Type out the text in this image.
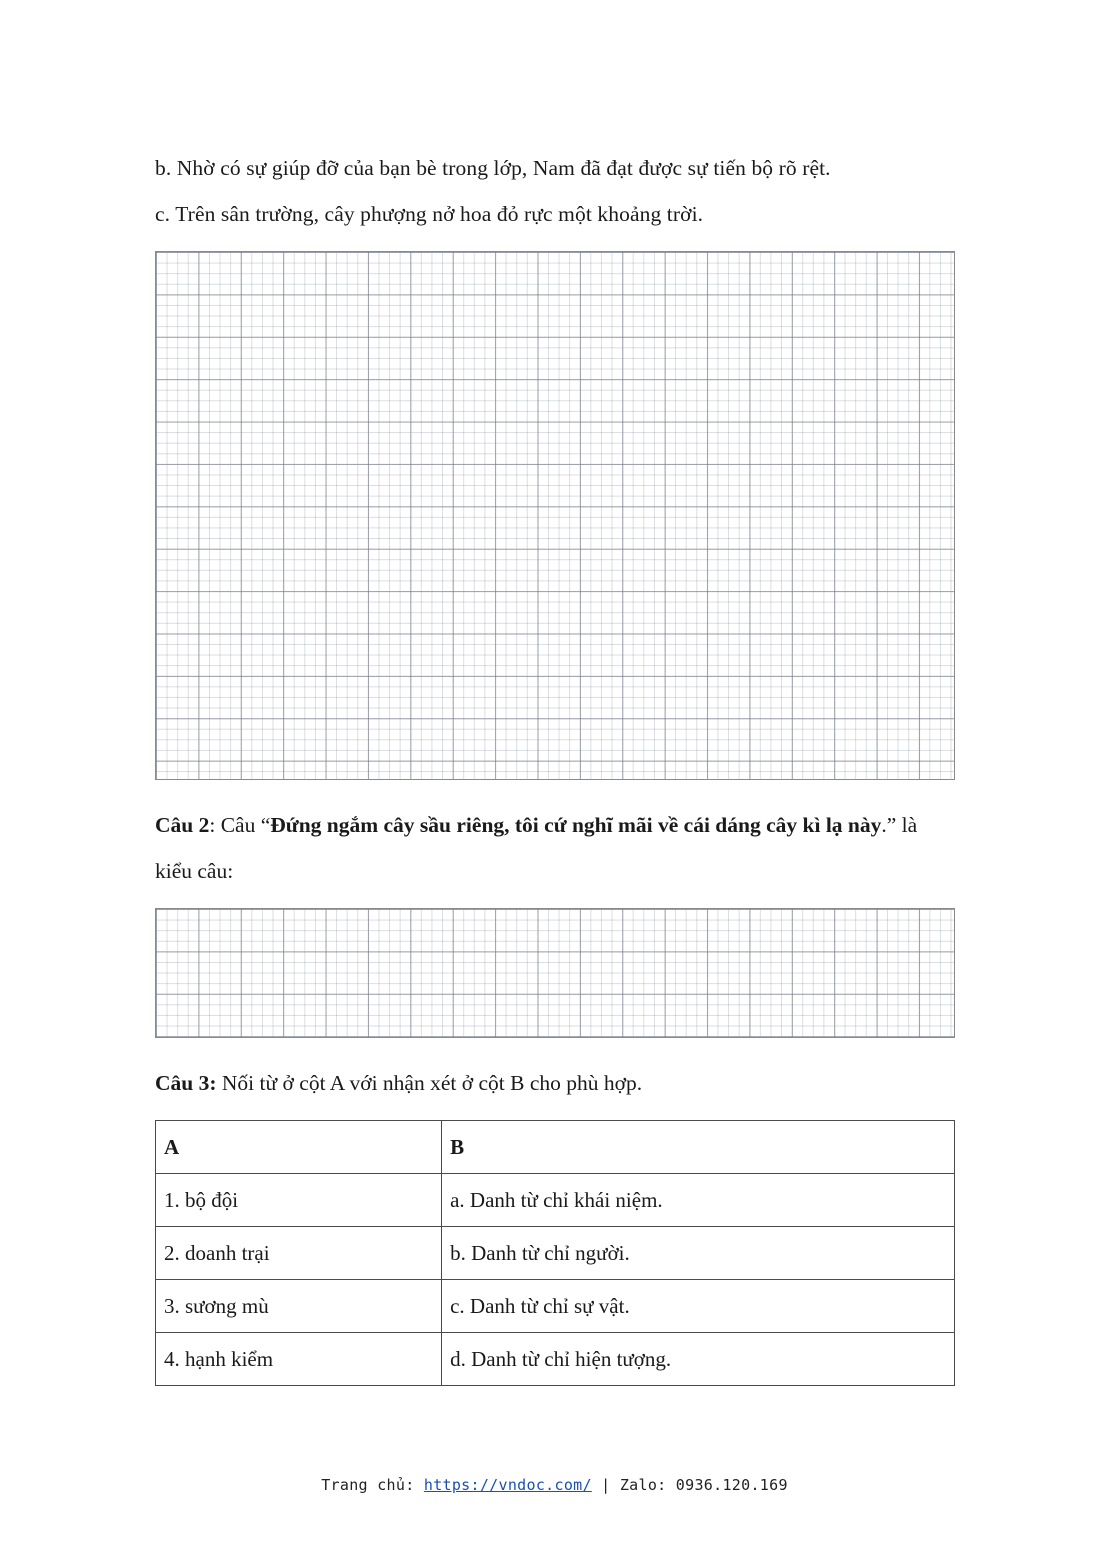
b. Nhờ có sự giúp đỡ của bạn bè trong lớp, Nam đã đạt được sự tiến bộ rõ rệt.

c. Trên sân trường, cây phượng nở hoa đỏ rực một khoảng trời.

Câu 2: Câu “Đứng ngắm cây sầu riêng, tôi cứ nghĩ mãi về cái dáng cây kì lạ này.” là kiểu câu:

Câu 3: Nối từ ở cột A với nhận xét ở cột B cho phù hợp.

A	B
1. bộ đội	a. Danh từ chỉ khái niệm.
2. doanh trại	b. Danh từ chỉ người.
3. sương mù	c. Danh từ chỉ sự vật.
4. hạnh kiểm	d. Danh từ chỉ hiện tượng.
Trang chủ: https://vndoc.com/ | Zalo: 0936.120.169
